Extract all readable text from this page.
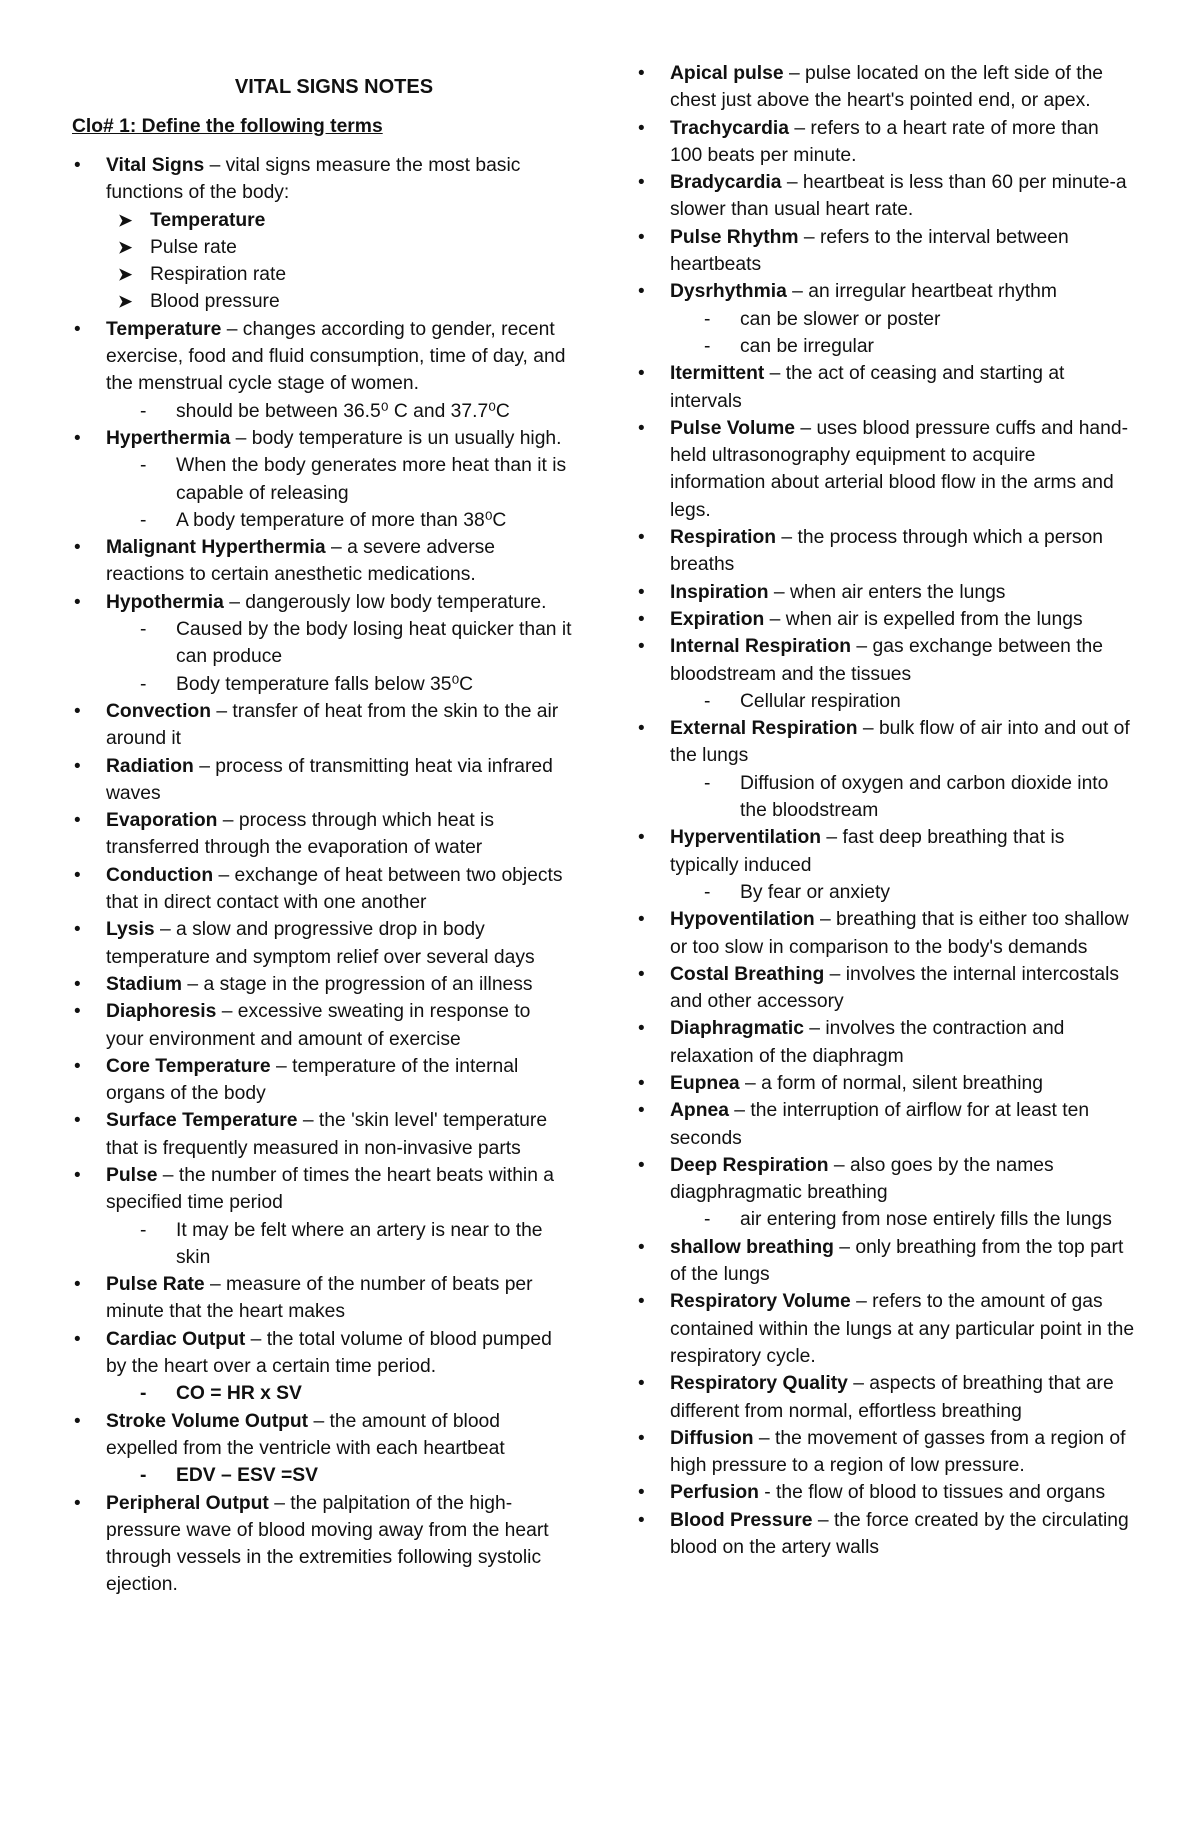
VITAL SIGNS NOTES
Clo# 1: Define the following terms
• Vital Signs – vital signs measure the most basic functions of the body:
➤ Temperature
➤ Pulse rate
➤ Respiration rate
➤ Blood pressure
• Temperature – changes according to gender, recent exercise, food and fluid consumption, time of day, and the menstrual cycle stage of women.
- should be between 36.5⁰ C and 37.7⁰C
• Hyperthermia – body temperature is un usually high.
- When the body generates more heat than it is capable of releasing
- A body temperature of more than 38⁰C
• Malignant Hyperthermia – a severe adverse reactions to certain anesthetic medications.
• Hypothermia – dangerously low body temperature.
- Caused by the body losing heat quicker than it can produce
- Body temperature falls below 35⁰C
• Convection – transfer of heat from the skin to the air around it
• Radiation – process of transmitting heat via infrared waves
• Evaporation – process through which heat is transferred through the evaporation of water
• Conduction – exchange of heat between two objects that in direct contact with one another
• Lysis – a slow and progressive drop in body temperature and symptom relief over several days
• Stadium – a stage in the progression of an illness
• Diaphoresis – excessive sweating in response to your environment and amount of exercise
• Core Temperature – temperature of the internal organs of the body
• Surface Temperature – the 'skin level' temperature that is frequently measured in non-invasive parts
• Pulse – the number of times the heart beats within a specified time period
- It may be felt where an artery is near to the skin
• Pulse Rate – measure of the number of beats per minute that the heart makes
• Cardiac Output – the total volume of blood pumped by the heart over a certain time period.
- CO = HR x SV
• Stroke Volume Output – the amount of blood expelled from the ventricle with each heartbeat
- EDV – ESV =SV
• Peripheral Output – the palpitation of the high-pressure wave of blood moving away from the heart through vessels in the extremities following systolic ejection.
• Apical pulse – pulse located on the left side of the chest just above the heart's pointed end, or apex.
• Trachycardia – refers to a heart rate of more than 100 beats per minute.
• Bradycardia – heartbeat is less than 60 per minute-a slower than usual heart rate.
• Pulse Rhythm – refers to the interval between heartbeats
• Dysrhythmia – an irregular heartbeat rhythm
- can be slower or poster
- can be irregular
• Itermittent – the act of ceasing and starting at intervals
• Pulse Volume – uses blood pressure cuffs and hand-held ultrasonography equipment to acquire information about arterial blood flow in the arms and legs.
• Respiration – the process through which a person breaths
• Inspiration – when air enters the lungs
• Expiration – when air is expelled from the lungs
• Internal Respiration – gas exchange between the bloodstream and the tissues
- Cellular respiration
• External Respiration – bulk flow of air into and out of the lungs
- Diffusion of oxygen and carbon dioxide into the bloodstream
• Hyperventilation – fast deep breathing that is typically induced
- By fear or anxiety
• Hypoventilation – breathing that is either too shallow or too slow in comparison to the body's demands
• Costal Breathing – involves the internal intercostals and other accessory
• Diaphragmatic – involves the contraction and relaxation of the diaphragm
• Eupnea – a form of normal, silent breathing
• Apnea – the interruption of airflow for at least ten seconds
• Deep Respiration – also goes by the names diagphragmatic breathing
- air entering from nose entirely fills the lungs
• shallow breathing – only breathing from the top part of the lungs
• Respiratory Volume – refers to the amount of gas contained within the lungs at any particular point in the respiratory cycle.
• Respiratory Quality – aspects of breathing that are different from normal, effortless breathing
• Diffusion – the movement of gasses from a region of high pressure to a region of low pressure.
• Perfusion - the flow of blood to tissues and organs
• Blood Pressure – the force created by the circulating blood on the artery walls
